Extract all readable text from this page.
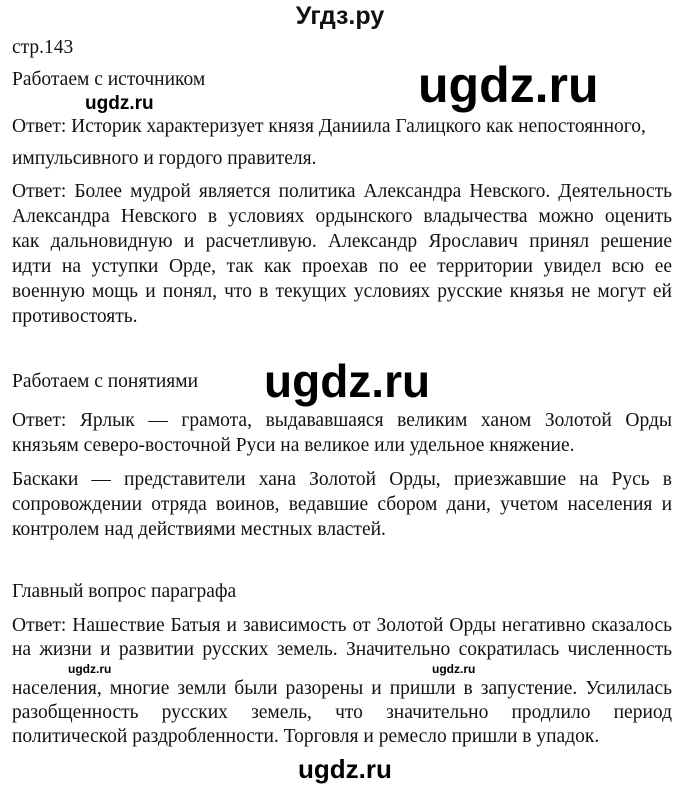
Угдз.ру
стр.143
Работаем с источником
Ответ: Историк характеризует князя Даниила Галицкого как непостоянного,
импульсивного и гордого правителя.
Ответ: Более мудрой является политика Александра Невского. Деятельность
Александра Невского в условиях ордынского владычества можно оценить
как дальновидную и расчетливую. Александр Ярославич принял решение
идти на уступки Орде, так как проехав по ее территории увидел всю ее
военную мощь и понял, что в текущих условиях русские князья не могут ей
противостоять.
Работаем с понятиями
Ответ: Ярлык — грамота, выдававшаяся великим ханом Золотой Орды
князьям северо-восточной Руси на великое или удельное княжение.
Баскаки — представители хана Золотой Орды, приезжавшие на Русь в
сопровождении отряда воинов, ведавшие сбором дани, учетом населения и
контролем над действиями местных властей.
Главный вопрос параграфа
Ответ: Нашествие Батыя и зависимость от Золотой Орды негативно сказалось
на жизни и развитии русских земель. Значительно сократилась численность
населения, многие земли были разорены и пришли в запустение. Усилилась
разобщенность русских земель, что значительно продлило период
политической раздробленности. Торговля и ремесло пришли в упадок.
ugdz.ru
ugdz.ru
ugdz.ru
ugdz.ru	ugdz.ru
ugdz.ru
